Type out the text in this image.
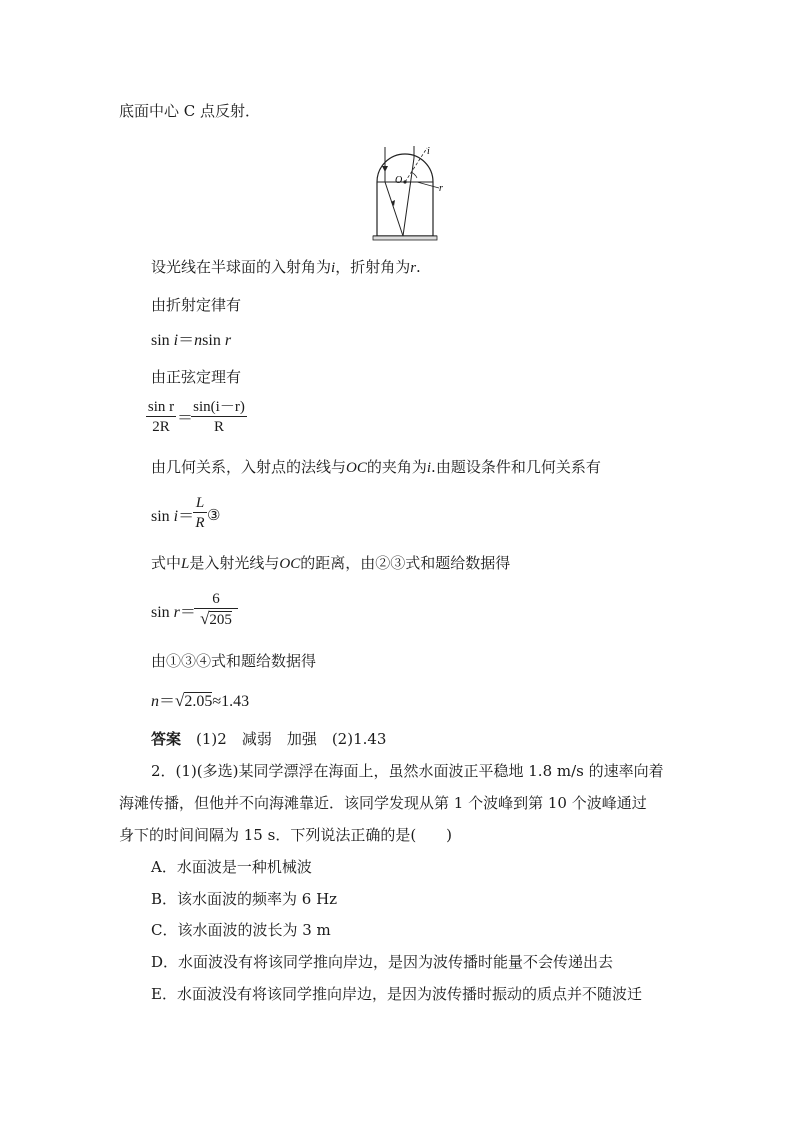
底面中心 C 点反射．
O
i
r
设光线在半球面的入射角为i，折射角为r.
由折射定律有
sin i＝nsin r
由正弦定理有
sin r
2R ＝
sin(i－r)
R
由几何关系，入射点的法线与OC的夹角为i.由题设条件和几何关系有
sin i＝
L
R ③
式中L是入射光线与OC的距离，由②③式和题给数据得
sin r＝
6
√205
由①③④式和题给数据得
n＝√2.05≈1.43
答案　 (1)2　减弱　加强　(2)1.43
2．(1)(多选)某同学漂浮在海面上，虽然水面波正平稳地 1.8 m/s 的速率向着
海滩传播，但他并不向海滩靠近．该同学发现从第 1 个波峰到第 10 个波峰通过
身下的时间间隔为 15 s．下列说法正确的是(　　)
A．水面波是一种机械波
B．该水面波的频率为 6 Hz
C．该水面波的波长为 3 m
D．水面波没有将该同学推向岸边，是因为波传播时能量不会传递出去
E．水面波没有将该同学推向岸边，是因为波传播时振动的质点并不随波迁
